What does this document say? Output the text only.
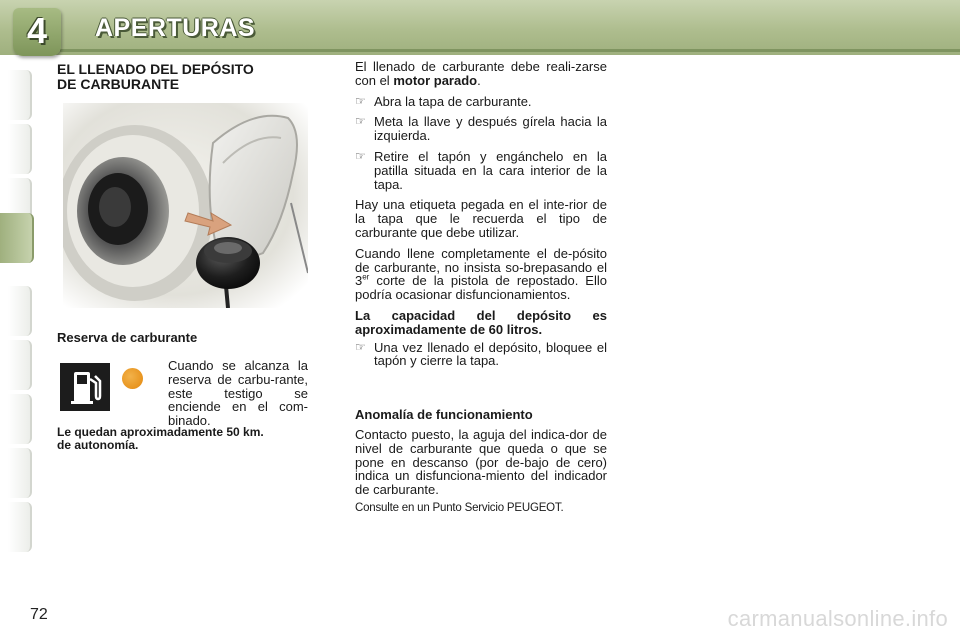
4	APERTURAS

EL LLENADO DEL DEPÓSITO
DE CARBURANTE

Reserva de carburante
Cuando se alcanza la reserva de carbu-rante, este testigo se enciende en el com-binado.
Le quedan aproximadamente 50 km.
de autonomía.

El llenado de carburante debe reali-zarse con el motor parado.

☞ Abra la tapa de carburante.
☞ Meta la llave y después gírela hacia la izquierda.
☞ Retire el tapón y engánchelo en la patilla situada en la cara interior de la tapa.

Hay una etiqueta pegada en el inte-rior de la tapa que le recuerda el tipo de carburante que debe utilizar.

Cuando llene completamente el de-pósito de carburante, no insista so-brepasando el 3er corte de la pistola de repostado. Ello podría ocasionar disfuncionamientos.

La capacidad del depósito es aproximadamente de 60 litros.

☞ Una vez llenado el depósito, bloquee el tapón y cierre la tapa.
Anomalía de funcionamiento

Contacto puesto, la aguja del indica-dor de nivel de carburante que queda o que se pone en descanso (por de-bajo de cero) indica un disfunciona-miento del indicador de carburante.

Consulte en un Punto Servicio PEUGEOT.

72	carmanualsonline.info
